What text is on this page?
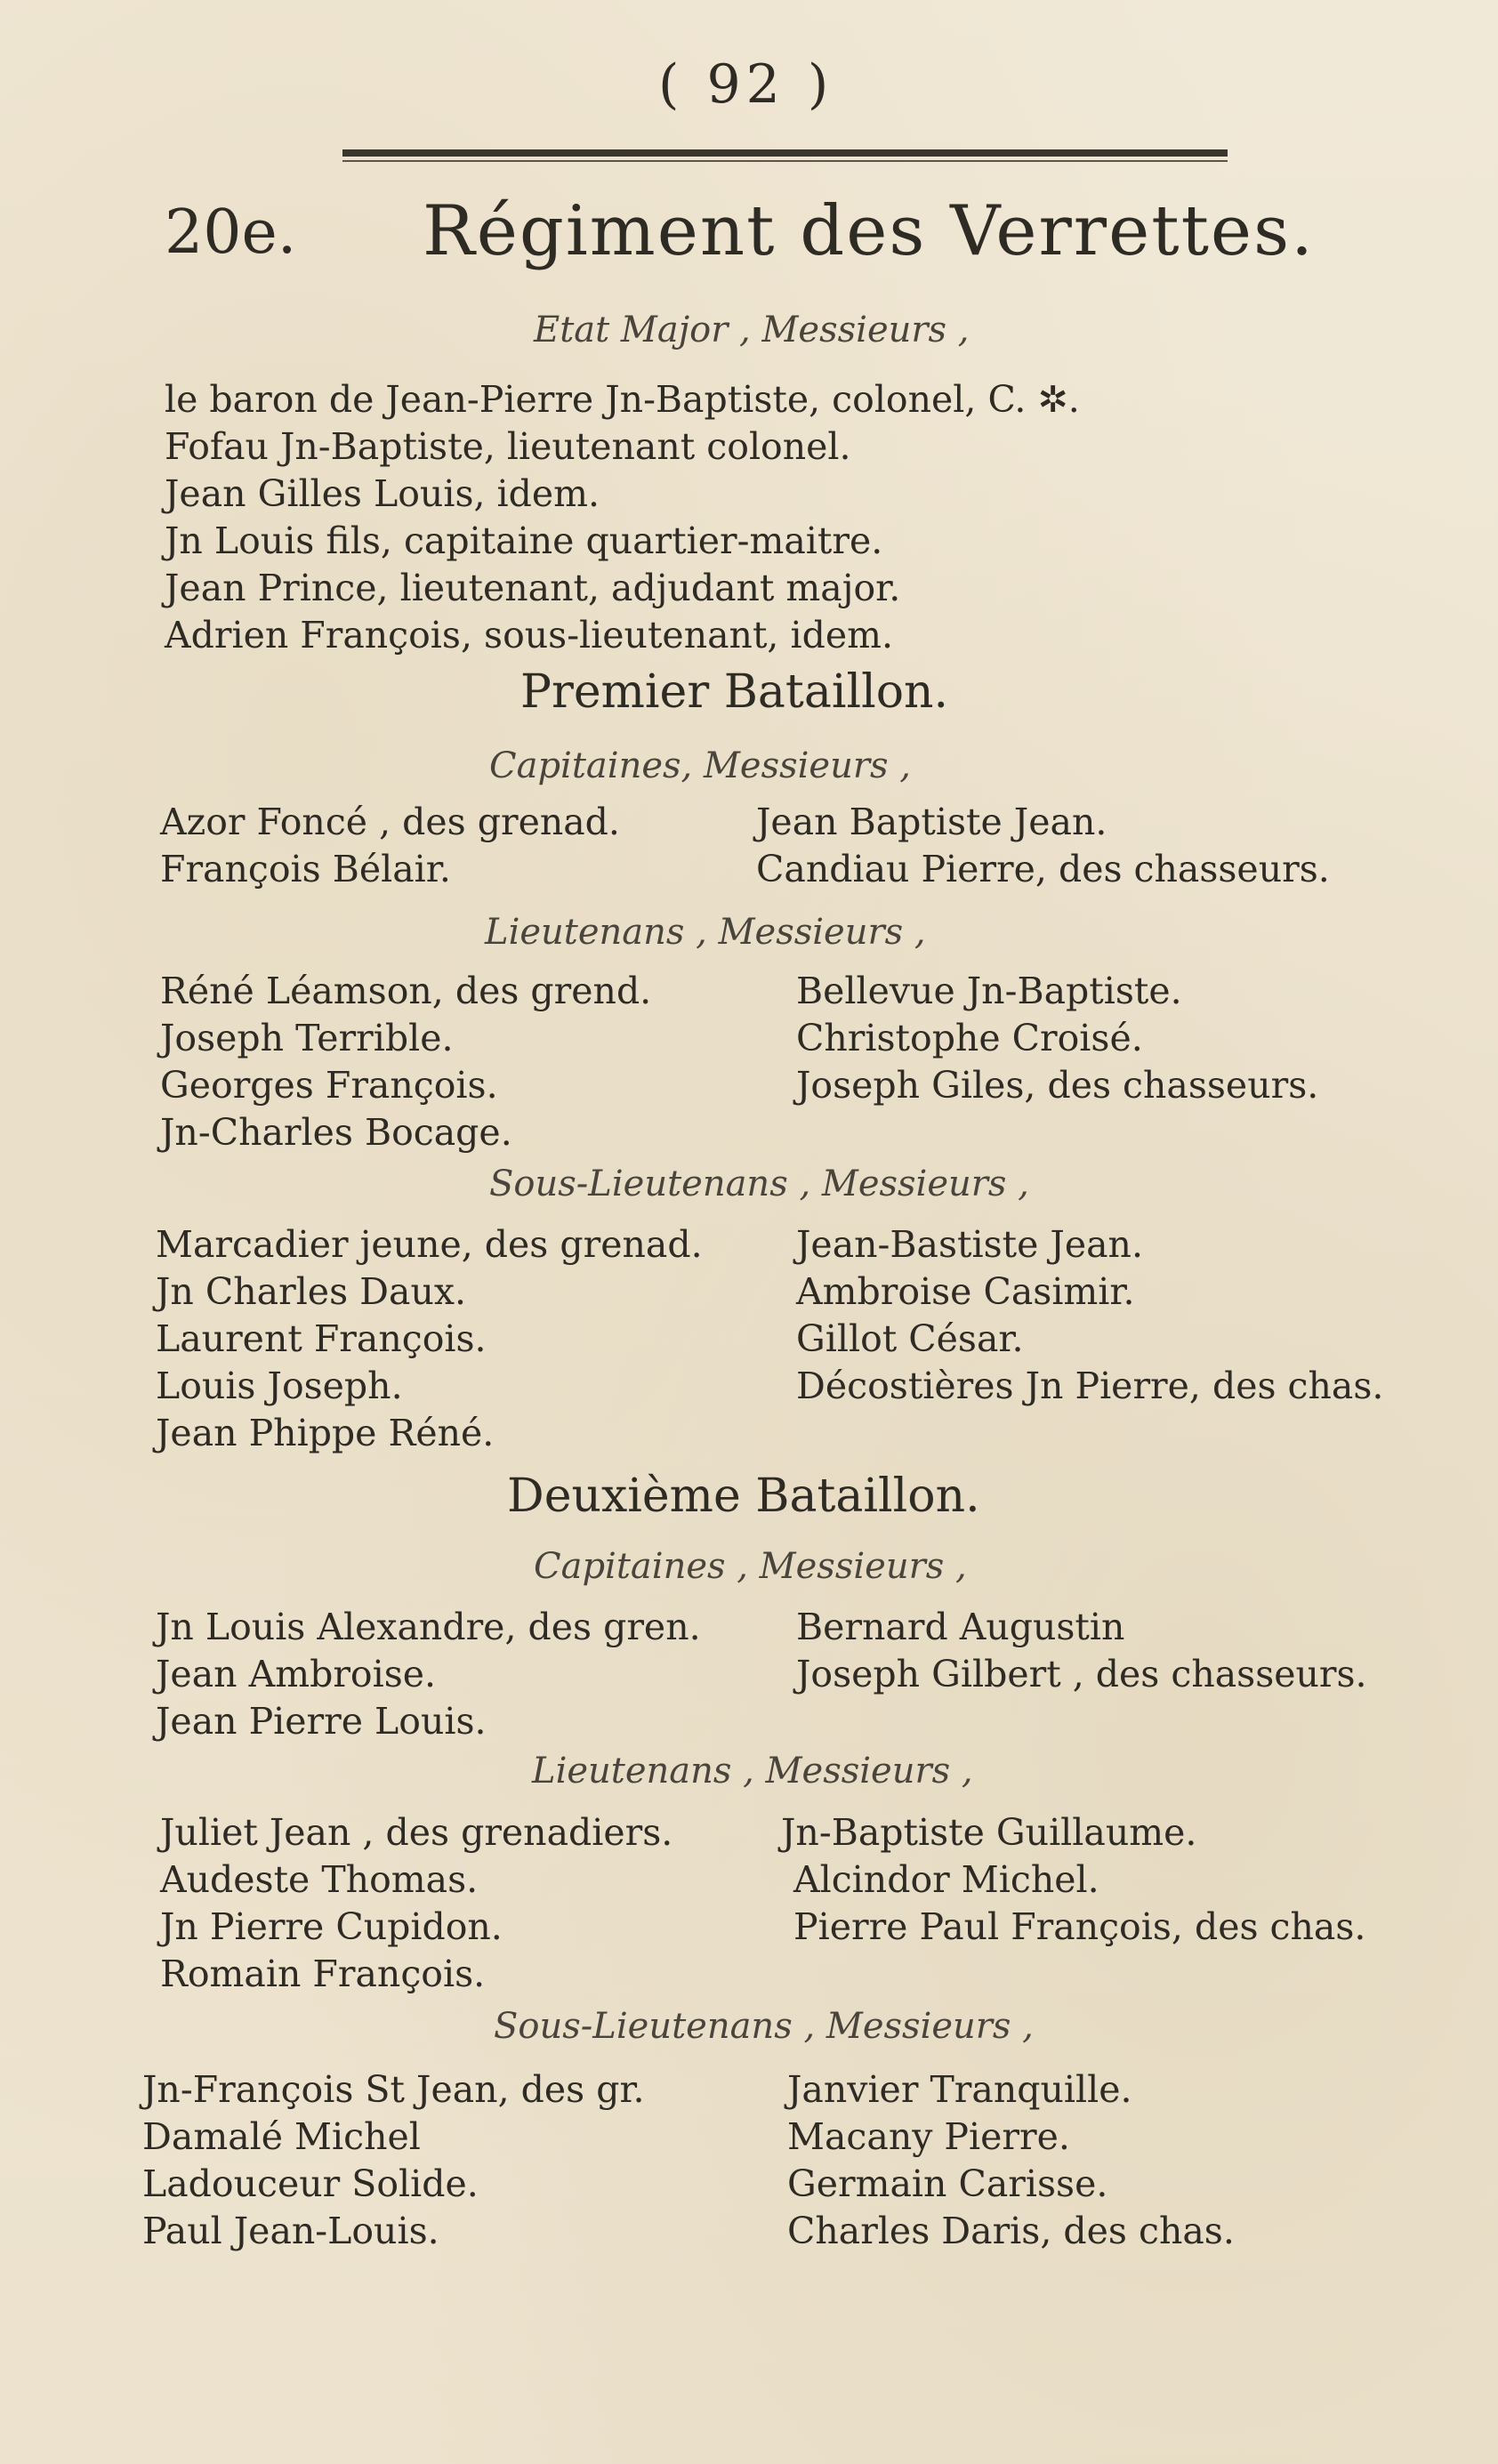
( 92 )
20e. Régiment des Verrettes.
Etat Major , Messieurs ,
le baron de Jean-Pierre Jn-Baptiste, colonel, C. ✲.
Fofau Jn-Baptiste, lieutenant colonel.
Jean Gilles Louis, idem.
Jn Louis fils, capitaine quartier-maitre.
Jean Prince, lieutenant, adjudant major.
Adrien François, sous-lieutenant, idem.
Premier Bataillon.
Capitaines, Messieurs ,
Azor Foncé , des grenad.
François Bélair.
Jean Baptiste Jean.
Candiau Pierre, des chasseurs.
Lieutenans , Messieurs ,
Réné Léamson, des grend.
Joseph Terrible.
Georges François.
Jn-Charles Bocage.
Bellevue Jn-Baptiste.
Christophe Croisé.
Joseph Giles, des chasseurs.
Sous-Lieutenans , Messieurs ,
Marcadier jeune, des grenad.
Jn Charles Daux.
Laurent François.
Louis Joseph.
Jean Phippe Réné.
Jean-Bastiste Jean.
Ambroise Casimir.
Gillot César.
Décostières Jn Pierre, des chas.
Deuxième Bataillon.
Capitaines , Messieurs ,
Jn Louis Alexandre, des gren.
Jean Ambroise.
Jean Pierre Louis.
Bernard Augustin
Joseph Gilbert , des chasseurs.
Lieutenans , Messieurs ,
Juliet Jean , des grenadiers.
Audeste Thomas.
Jn Pierre Cupidon.
Romain François.
Jn-Baptiste Guillaume.
Alcindor Michel.
Pierre Paul François, des chas.
Sous-Lieutenans , Messieurs ,
Jn-François St Jean, des gr.
Damalé Michel
Ladouceur Solide.
Paul Jean-Louis.
Janvier Tranquille.
Macany Pierre.
Germain Carisse.
Charles Daris, des chas.
